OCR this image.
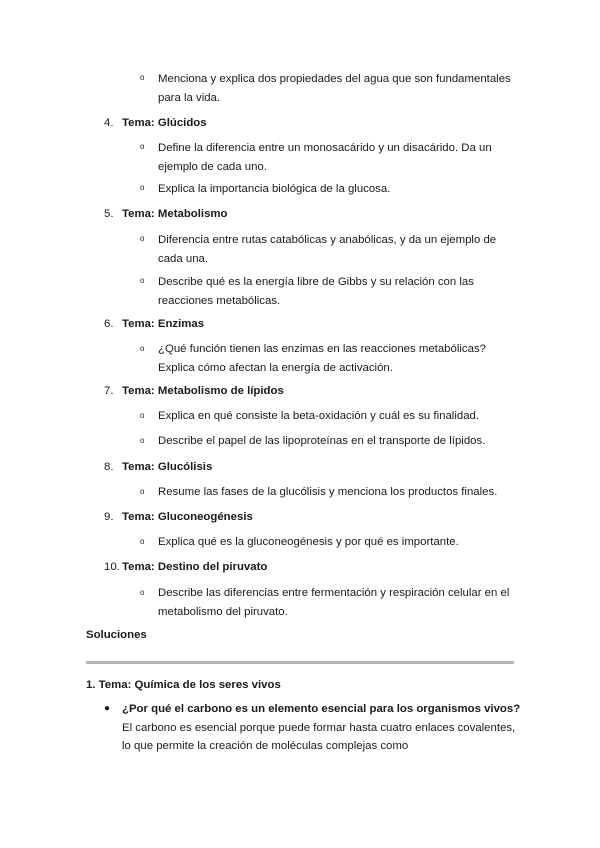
o Menciona y explica dos propiedades del agua que son fundamentales para la vida.
4. Tema: Glúcidos
o Define la diferencia entre un monosacárido y un disacárido. Da un ejemplo de cada uno.
o Explica la importancia biológica de la glucosa.
5. Tema: Metabolismo
o Diferencia entre rutas catabólicas y anabólicas, y da un ejemplo de cada una.
o Describe qué es la energía libre de Gibbs y su relación con las reacciones metabólicas.
6. Tema: Enzimas
o ¿Qué función tienen las enzimas en las reacciones metabólicas? Explica cómo afectan la energía de activación.
7. Tema: Metabolismo de lípidos
o Explica en qué consiste la beta-oxidación y cuál es su finalidad.
o Describe el papel de las lipoproteínas en el transporte de lípidos.
8. Tema: Glucólisis
o Resume las fases de la glucólisis y menciona los productos finales.
9. Tema: Gluconeogénesis
o Explica qué es la gluconeogénesis y por qué es importante.
10. Tema: Destino del piruvato
o Describe las diferencias entre fermentación y respiración celular en el metabolismo del piruvato.
Soluciones
1. Tema: Química de los seres vivos
● ¿Por qué el carbono es un elemento esencial para los organismos vivos? El carbono es esencial porque puede formar hasta cuatro enlaces covalentes, lo que permite la creación de moléculas complejas como
